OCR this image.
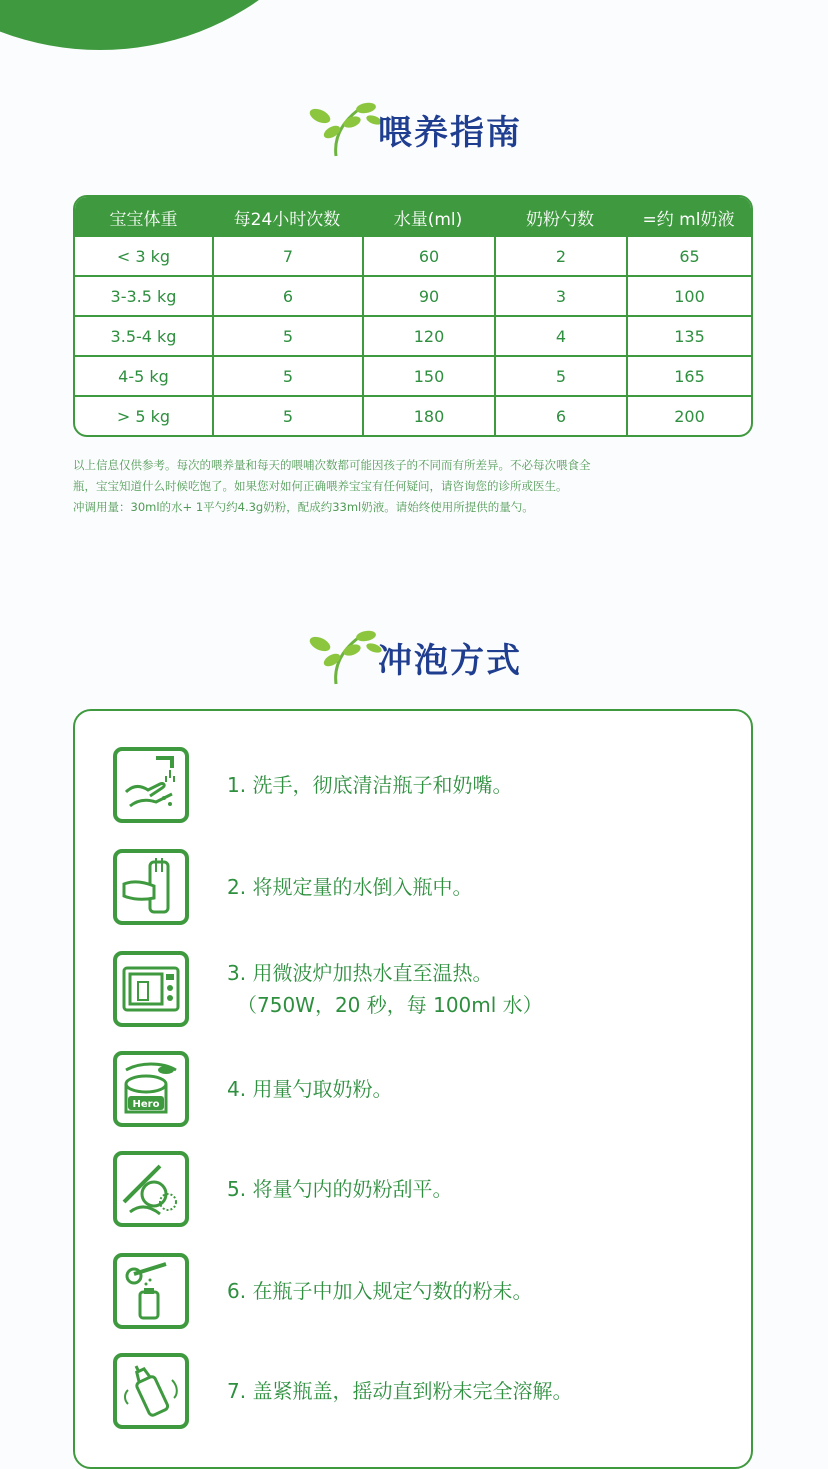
喂养指南
宝宝体重	每24小时次数	水量(ml)	奶粉勺数	=约 ml奶液
< 3 kg	7	60	2	65
3-3.5 kg	6	90	3	100
3.5-4 kg	5	120	4	135
4-5 kg	5	150	5	165
> 5 kg	5	180	6	200

以上信息仅供参考。每次的喂养量和每天的喂哺次数都可能因孩子的不同而有所差异。不必每次喂食全

瓶，宝宝知道什么时候吃饱了。如果您对如何正确喂养宝宝有任何疑问，请咨询您的诊所或医生。

冲调用量：30ml的水+ 1平勺约4.3g奶粉，配成约33ml奶液。请始终使用所提供的量勺。

冲泡方式
1. 洗手，彻底清洁瓶子和奶嘴。
2. 将规定量的水倒入瓶中。
3. 用微波炉加热水直至温热。
（750W，20 秒，每 100ml 水）
Hero
4. 用量勺取奶粉。
5. 将量勺内的奶粉刮平。
6. 在瓶子中加入规定勺数的粉末。
7. 盖紧瓶盖，摇动直到粉末完全溶解。
